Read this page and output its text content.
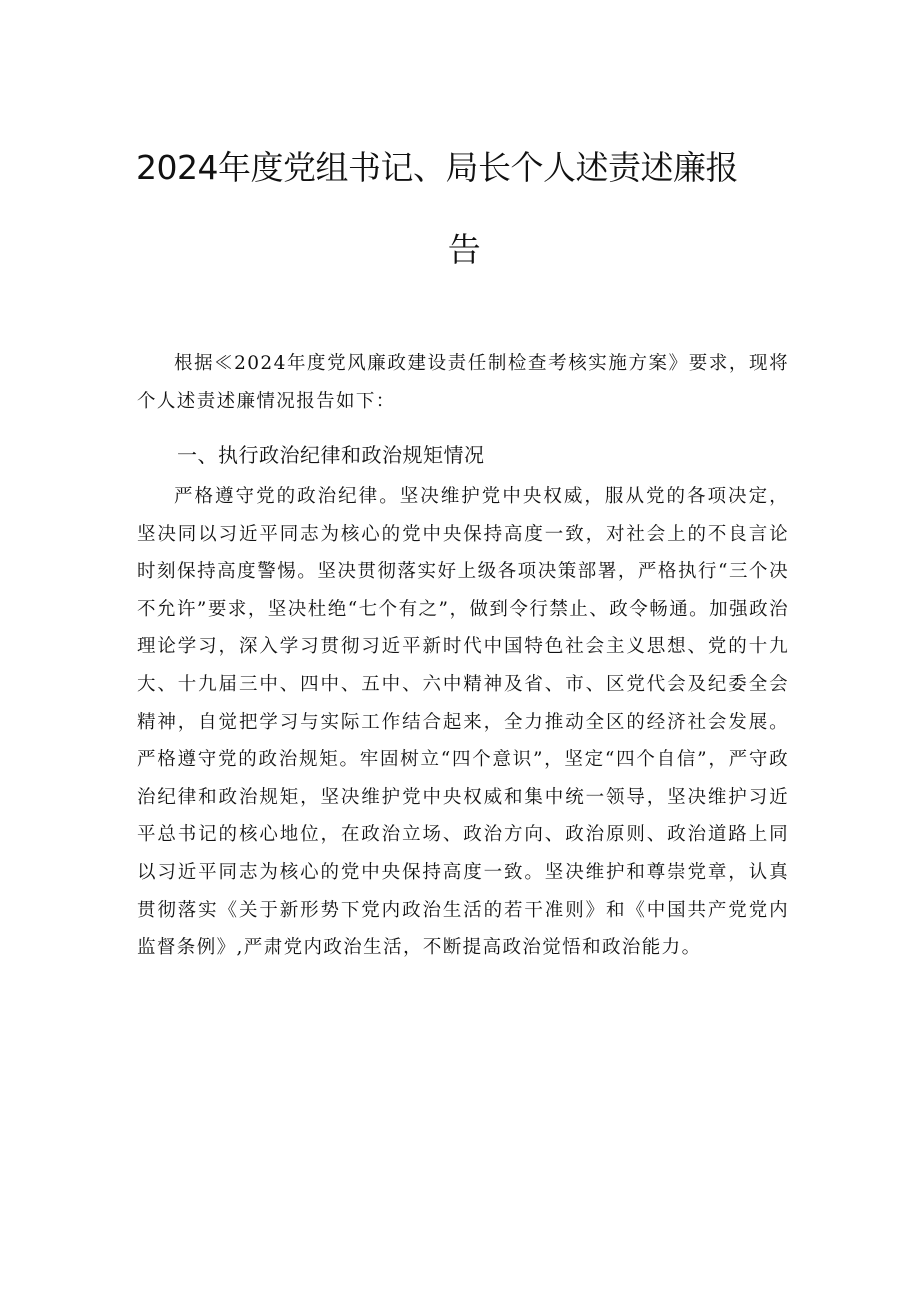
2024年度党组书记、局长个人述责述廉报
告

根据≪2024年度党风廉政建设责任制检查考核实施方案》要求，现将个人述责述廉情况报告如下：

一、执行政治纪律和政治规矩情况

严格遵守党的政治纪律。坚决维护党中央权威，服从党的各项决定，坚决同以习近平同志为核心的党中央保持高度一致，对社会上的不良言论时刻保持高度警惕。坚决贯彻落实好上级各项决策部署，严格执行“三个决不允许”要求，坚决杜绝“七个有之”，做到令行禁止、政令畅通。加强政治理论学习，深入学习贯彻习近平新时代中国特色社会主义思想、党的十九大、十九届三中、四中、五中、六中精神及省、市、区党代会及纪委全会精神，自觉把学习与实际工作结合起来，全力推动全区的经济社会发展。严格遵守党的政治规矩。牢固树立“四个意识”，坚定“四个自信”，严守政治纪律和政治规矩，坚决维护党中央权威和集中统一领导，坚决维护习近平总书记的核心地位，在政治立场、政治方向、政治原则、政治道路上同以习近平同志为核心的党中央保持高度一致。坚决维护和尊崇党章，认真贯彻落实《关于新形势下党内政治生活的若干准则》和《中国共产党党内监督条例》,严肃党内政治生活，不断提高政治觉悟和政治能力。
